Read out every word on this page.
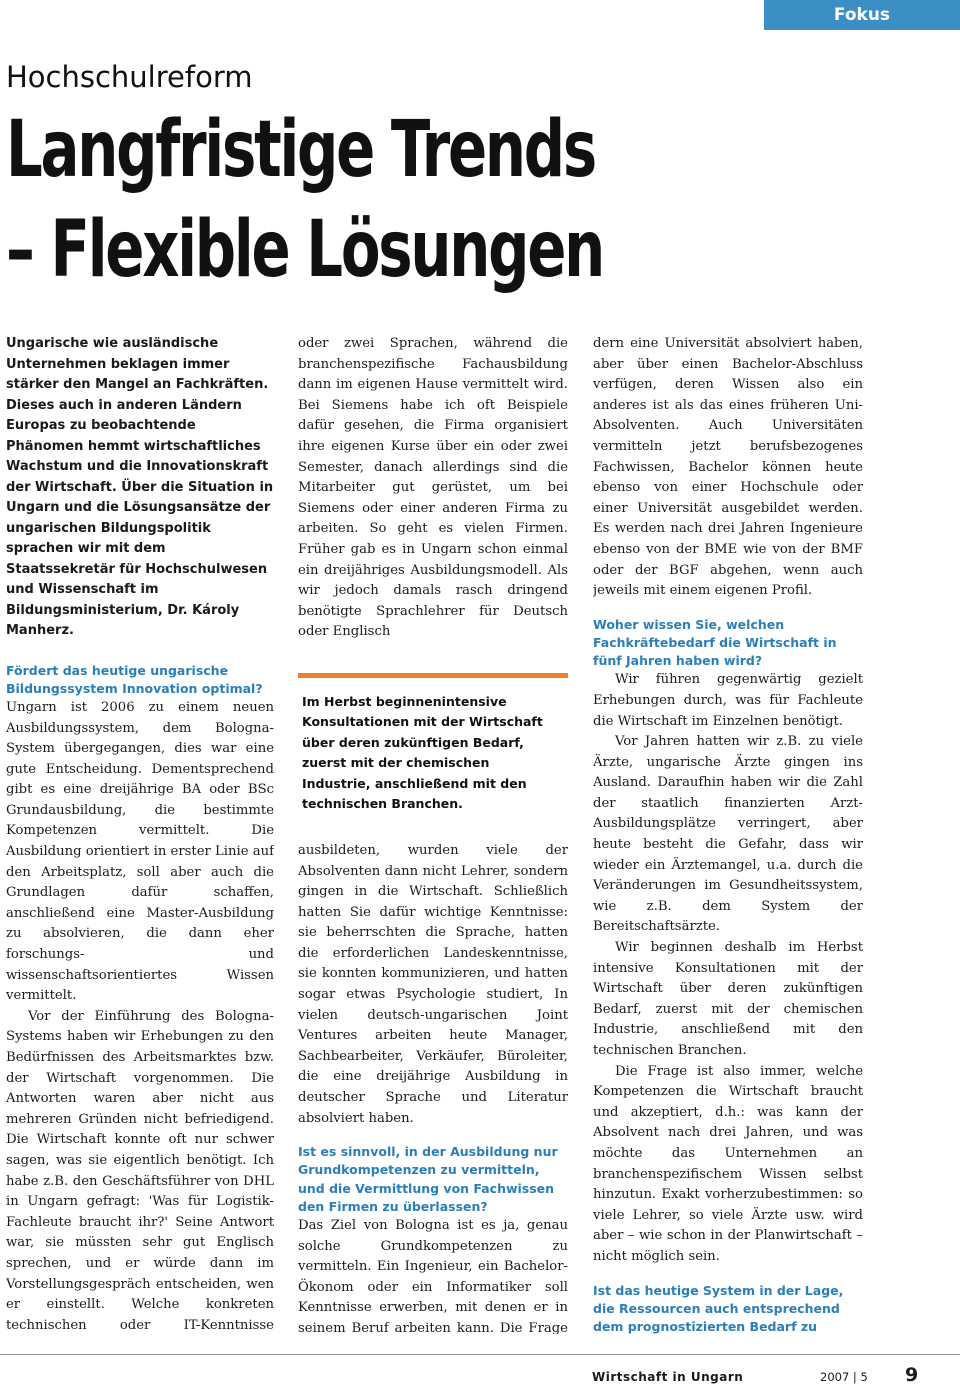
Fokus
Hochschulreform
Langfristige Trends
– Flexible Lösungen

Ungarische wie ausländische Unternehmen beklagen immer stärker den Mangel an Fachkräften. Dieses auch in anderen Ländern Europas zu beobachtende Phänomen hemmt wirtschaftliches Wachstum und die Innovationskraft der Wirtschaft. Über die Situation in Ungarn und die Lösungsansätze der ungarischen Bildungspolitik sprachen wir mit dem Staatssekretär für Hochschulwesen und Wissenschaft im Bildungsministerium, Dr. Károly Manherz.

Fördert das heutige ungarische Bildungssystem Innovation optimal?

Ungarn ist 2006 zu einem neuen Ausbildungssystem, dem Bologna-System übergegangen, dies war eine gute Entscheidung. Dementsprechend gibt es eine dreijährige BA oder BSc Grundausbildung, die bestimmte Kompetenzen vermittelt. Die Ausbildung orientiert in erster Linie auf den Arbeitsplatz, soll aber auch die Grundlagen dafür schaffen, anschließend eine Master-Ausbildung zu absolvieren, die dann eher forschungs- und wissenschaftsorientiertes Wissen vermittelt.

Vor der Einführung des Bologna-Systems haben wir Erhebungen zu den Bedürfnissen des Arbeitsmarktes bzw. der Wirtschaft vorgenommen. Die Antworten waren aber nicht aus mehreren Gründen nicht befriedigend. Die Wirtschaft konnte oft nur schwer sagen, was sie eigentlich benötigt. Ich habe z.B. den Geschäftsführer von DHL in Ungarn gefragt: 'Was für Logistik-Fachleute braucht ihr?' Seine Antwort war, sie müssten sehr gut Englisch sprechen, und er würde dann im Vorstellungsgespräch entscheiden, wen er einstellt. Welche konkreten technischen oder IT-Kenntnisse

oder zwei Sprachen, während die branchenspezifische Fachausbildung dann im eigenen Hause vermittelt wird. Bei Siemens habe ich oft Beispiele dafür gesehen, die Firma organisiert ihre eigenen Kurse über ein oder zwei Semester, danach allerdings sind die Mitarbeiter gut gerüstet, um bei Siemens oder einer anderen Firma zu arbeiten. So geht es vielen Firmen. Früher gab es in Ungarn schon einmal ein dreijähriges Ausbildungsmodell. Als wir jedoch damals rasch dringend benötigte Sprachlehrer für Deutsch oder Englisch

Im Herbst beginnenintensive Konsultationen mit der Wirtschaft über deren zukünftigen Bedarf, zuerst mit der chemischen Industrie, anschließend mit den technischen Branchen.

ausbildeten, wurden viele der Absolventen dann nicht Lehrer, sondern gingen in die Wirtschaft. Schließlich hatten Sie dafür wichtige Kenntnisse: sie beherrschten die Sprache, hatten die erforderlichen Landeskenntnisse, sie konnten kommunizieren, und hatten sogar etwas Psychologie studiert, In vielen deutsch-ungarischen Joint Ventures arbeiten heute Manager, Sachbearbeiter, Verkäufer, Büroleiter, die eine dreijährige Ausbildung in deutscher Sprache und Literatur absolviert haben.

Ist es sinnvoll, in der Ausbildung nur Grundkompetenzen zu vermitteln, und die Vermittlung von Fachwissen den Firmen zu überlassen?

Das Ziel von Bologna ist es ja, genau solche Grundkompetenzen zu vermitteln. Ein Ingenieur, ein Bachelor-Ökonom oder ein Informatiker soll Kenntnisse erwerben, mit denen er in seinem Beruf arbeiten kann. Die Frage

dern eine Universität absolviert haben, aber über einen Bachelor-Abschluss verfügen, deren Wissen also ein anderes ist als das eines früheren Uni-Absolventen. Auch Universitäten vermitteln jetzt berufsbezogenes Fachwissen, Bachelor können heute ebenso von einer Hochschule oder einer Universität ausgebildet werden. Es werden nach drei Jahren Ingenieure ebenso von der BME wie von der BMF oder der BGF abgehen, wenn auch jeweils mit einem eigenen Profil.

Woher wissen Sie, welchen Fachkräftebedarf die Wirtschaft in fünf Jahren haben wird?

Wir führen gegenwärtig gezielt Erhebungen durch, was für Fachleute die Wirtschaft im Einzelnen benötigt.

Vor Jahren hatten wir z.B. zu viele Ärzte, ungarische Ärzte gingen ins Ausland. Daraufhin haben wir die Zahl der staatlich finanzierten Arzt-Ausbildungsplätze verringert, aber heute besteht die Gefahr, dass wir wieder ein Ärztemangel, u.a. durch die Veränderungen im Gesundheitssystem, wie z.B. dem System der Bereitschaftsärzte.

Wir beginnen deshalb im Herbst intensive Konsultationen mit der Wirtschaft über deren zukünftigen Bedarf, zuerst mit der chemischen Industrie, anschließend mit den technischen Branchen.

Die Frage ist also immer, welche Kompetenzen die Wirtschaft braucht und akzeptiert, d.h.: was kann der Absolvent nach drei Jahren, und was möchte das Unternehmen an branchenspezifischem Wissen selbst hinzutun. Exakt vorherzubestimmen: so viele Lehrer, so viele Ärzte usw. wird aber – wie schon in der Planwirtschaft – nicht möglich sein.

Ist das heutige System in der Lage, die Ressourcen auch entsprechend dem prognostizierten Bedarf zu

Wirtschaft in Ungarn	2007 | 5 9
